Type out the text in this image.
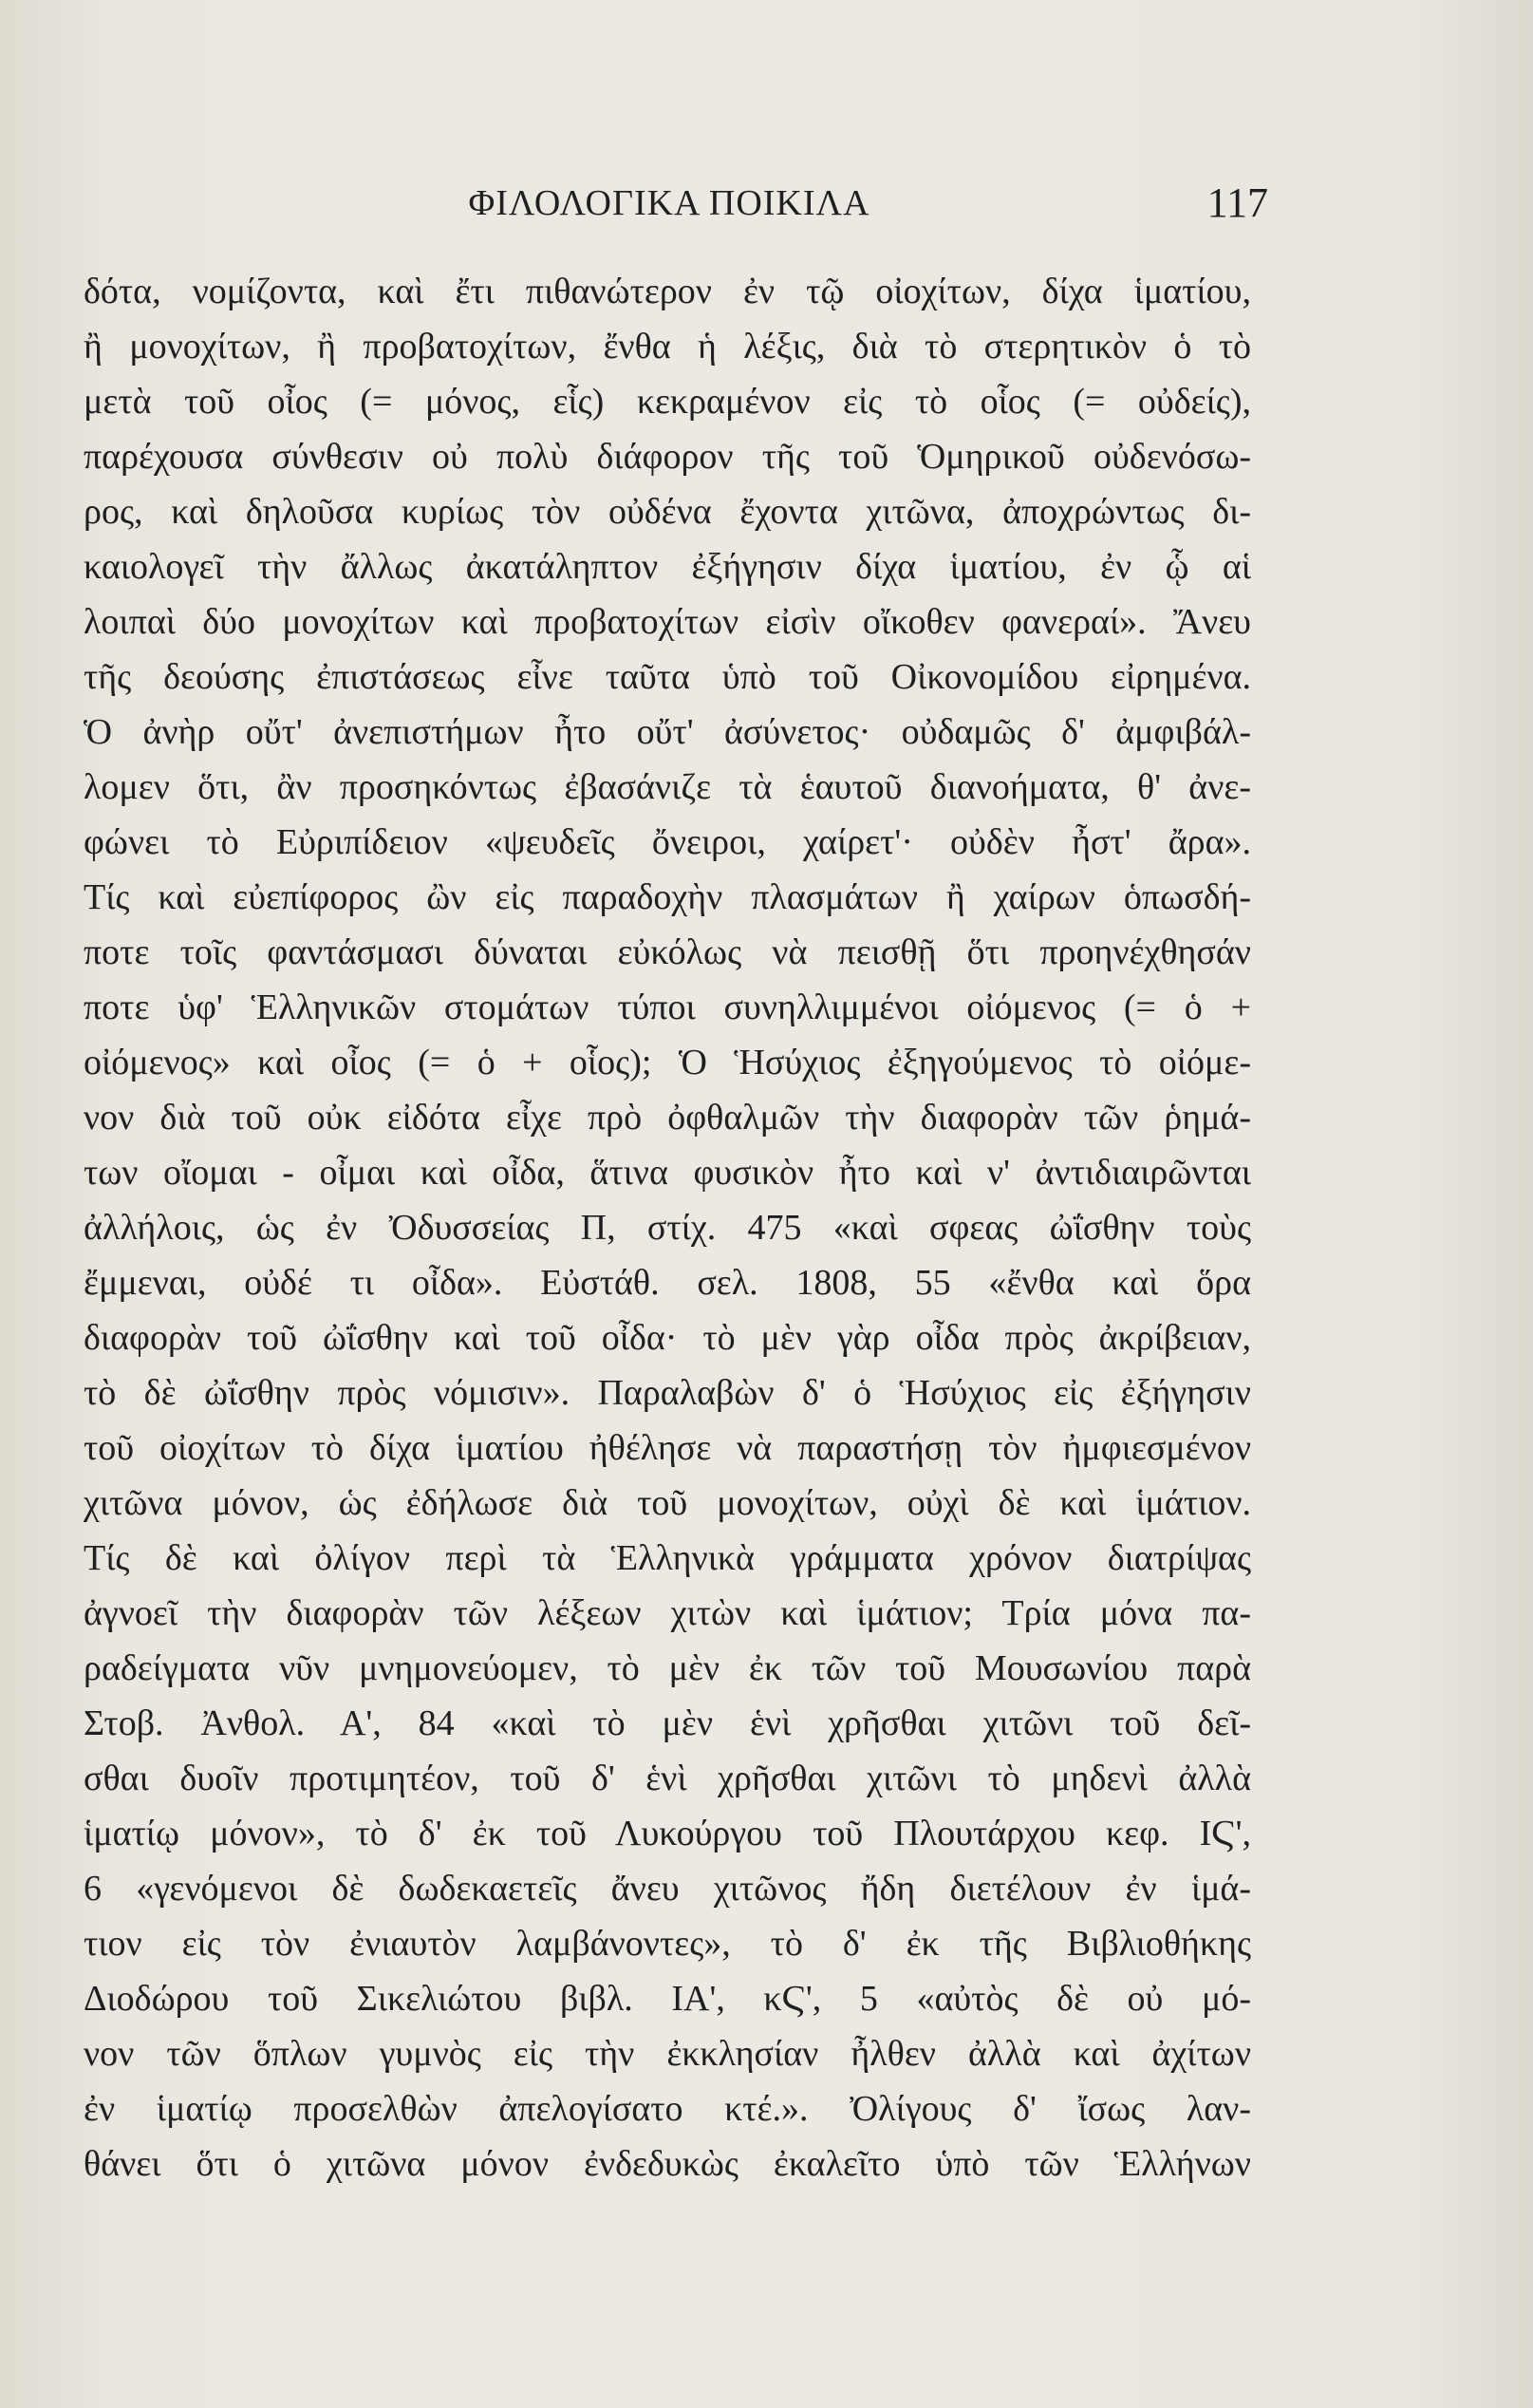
ΦΙΛΟΛΟΓΙΚΑ ΠΟΙΚΙΛΑ	117
δότα, νομίζοντα, καὶ ἔτι πιθανώτερον ἐν τῷ οἰοχίτων, δίχα ἱματίου,
ἢ μονοχίτων, ἢ προβατοχίτων, ἔνθα ἡ λέξις, διὰ τὸ στερητικὸν ὁ τὸ
μετὰ τοῦ οἶος (= μόνος, εἷς) κεκραμένον εἰς τὸ οἷος (= οὐδείς),
παρέχουσα σύνθεσιν οὐ πολὺ διάφορον τῆς τοῦ Ὁμηρικοῦ οὐδενόσω-
ρος, καὶ δηλοῦσα κυρίως τὸν οὐδένα ἔχοντα χιτῶνα, ἀποχρώντως δι-
καιολογεῖ τὴν ἄλλως ἀκατάληπτον ἐξήγησιν δίχα ἱματίου, ἐν ᾧ αἱ
λοιπαὶ δύο μονοχίτων καὶ προβατοχίτων εἰσὶν οἴκοθεν φανεραί». Ἄνευ
τῆς δεούσης ἐπιστάσεως εἶνε ταῦτα ὑπὸ τοῦ Οἰκονομίδου εἰρημένα.
Ὁ ἀνὴρ οὔτ' ἀνεπιστήμων ἦτο οὔτ' ἀσύνετος· οὐδαμῶς δ' ἀμφιβάλ-
λομεν ὅτι, ἂν προσηκόντως ἐβασάνιζε τὰ ἑαυτοῦ διανοήματα, θ' ἀνε-
φώνει τὸ Εὐριπίδειον «ψευδεῖς ὄνειροι, χαίρετ'· οὐδὲν ἦστ' ἄρα».
Τίς καὶ εὐεπίφορος ὢν εἰς παραδοχὴν πλασμάτων ἢ χαίρων ὁπωσδή-
ποτε τοῖς φαντάσμασι δύναται εὐκόλως νὰ πεισθῇ ὅτι προηνέχθησάν
ποτε ὑφ' Ἑλληνικῶν στομάτων τύποι συνηλλιμμένοι οἰόμενος (= ὁ +
οἰόμενος» καὶ οἶος (= ὁ + οἷος); Ὁ Ἡσύχιος ἐξηγούμενος τὸ οἰόμε-
νον διὰ τοῦ οὐκ εἰδότα εἶχε πρὸ ὀφθαλμῶν τὴν διαφορὰν τῶν ῥημά-
των οἴομαι - οἶμαι καὶ οἶδα, ἅτινα φυσικὸν ἦτο καὶ ν' ἀντιδιαιρῶνται
ἀλλήλοις, ὡς ἐν Ὀδυσσείας Π, στίχ. 475 «καὶ σφεας ὠΐσθην τοὺς
ἔμμεναι, οὐδέ τι οἶδα». Εὐστάθ. σελ. 1808, 55 «ἔνθα καὶ ὅρα
διαφορὰν τοῦ ὠΐσθην καὶ τοῦ οἶδα· τὸ μὲν γὰρ οἶδα πρὸς ἀκρίβειαν,
τὸ δὲ ὠΐσθην πρὸς νόμισιν». Παραλαβὼν δ' ὁ Ἡσύχιος εἰς ἐξήγησιν
τοῦ οἰοχίτων τὸ δίχα ἱματίου ἠθέλησε νὰ παραστήσῃ τὸν ἠμφιεσμένον
χιτῶνα μόνον, ὡς ἐδήλωσε διὰ τοῦ μονοχίτων, οὐχὶ δὲ καὶ ἱμάτιον.
Τίς δὲ καὶ ὀλίγον περὶ τὰ Ἑλληνικὰ γράμματα χρόνον διατρίψας
ἀγνοεῖ τὴν διαφορὰν τῶν λέξεων χιτὼν καὶ ἱμάτιον; Τρία μόνα πα-
ραδείγματα νῦν μνημονεύομεν, τὸ μὲν ἐκ τῶν τοῦ Μουσωνίου παρὰ
Στοβ. Ἀνθολ. Α', 84 «καὶ τὸ μὲν ἑνὶ χρῆσθαι χιτῶνι τοῦ δεῖ-
σθαι δυοῖν προτιμητέον, τοῦ δ' ἑνὶ χρῆσθαι χιτῶνι τὸ μηδενὶ ἀλλὰ
ἱματίῳ μόνον», τὸ δ' ἐκ τοῦ Λυκούργου τοῦ Πλουτάρχου κεφ. ΙϚ',
6 «γενόμενοι δὲ δωδεκαετεῖς ἄνευ χιτῶνος ἤδη διετέλουν ἐν ἱμά-
τιον εἰς τὸν ἐνιαυτὸν λαμβάνοντες», τὸ δ' ἐκ τῆς Βιβλιοθήκης
Διοδώρου τοῦ Σικελιώτου βιβλ. ΙΑ', κϚ', 5 «αὐτὸς δὲ οὐ μό-
νον τῶν ὅπλων γυμνὸς εἰς τὴν ἐκκλησίαν ἦλθεν ἀλλὰ καὶ ἀχίτων
ἐν ἱματίῳ προσελθὼν ἀπελογίσατο κτέ.». Ὀλίγους δ' ἴσως λαν-
θάνει ὅτι ὁ χιτῶνα μόνον ἐνδεδυκὼς ἐκαλεῖτο ὑπὸ τῶν Ἑλλήνων
